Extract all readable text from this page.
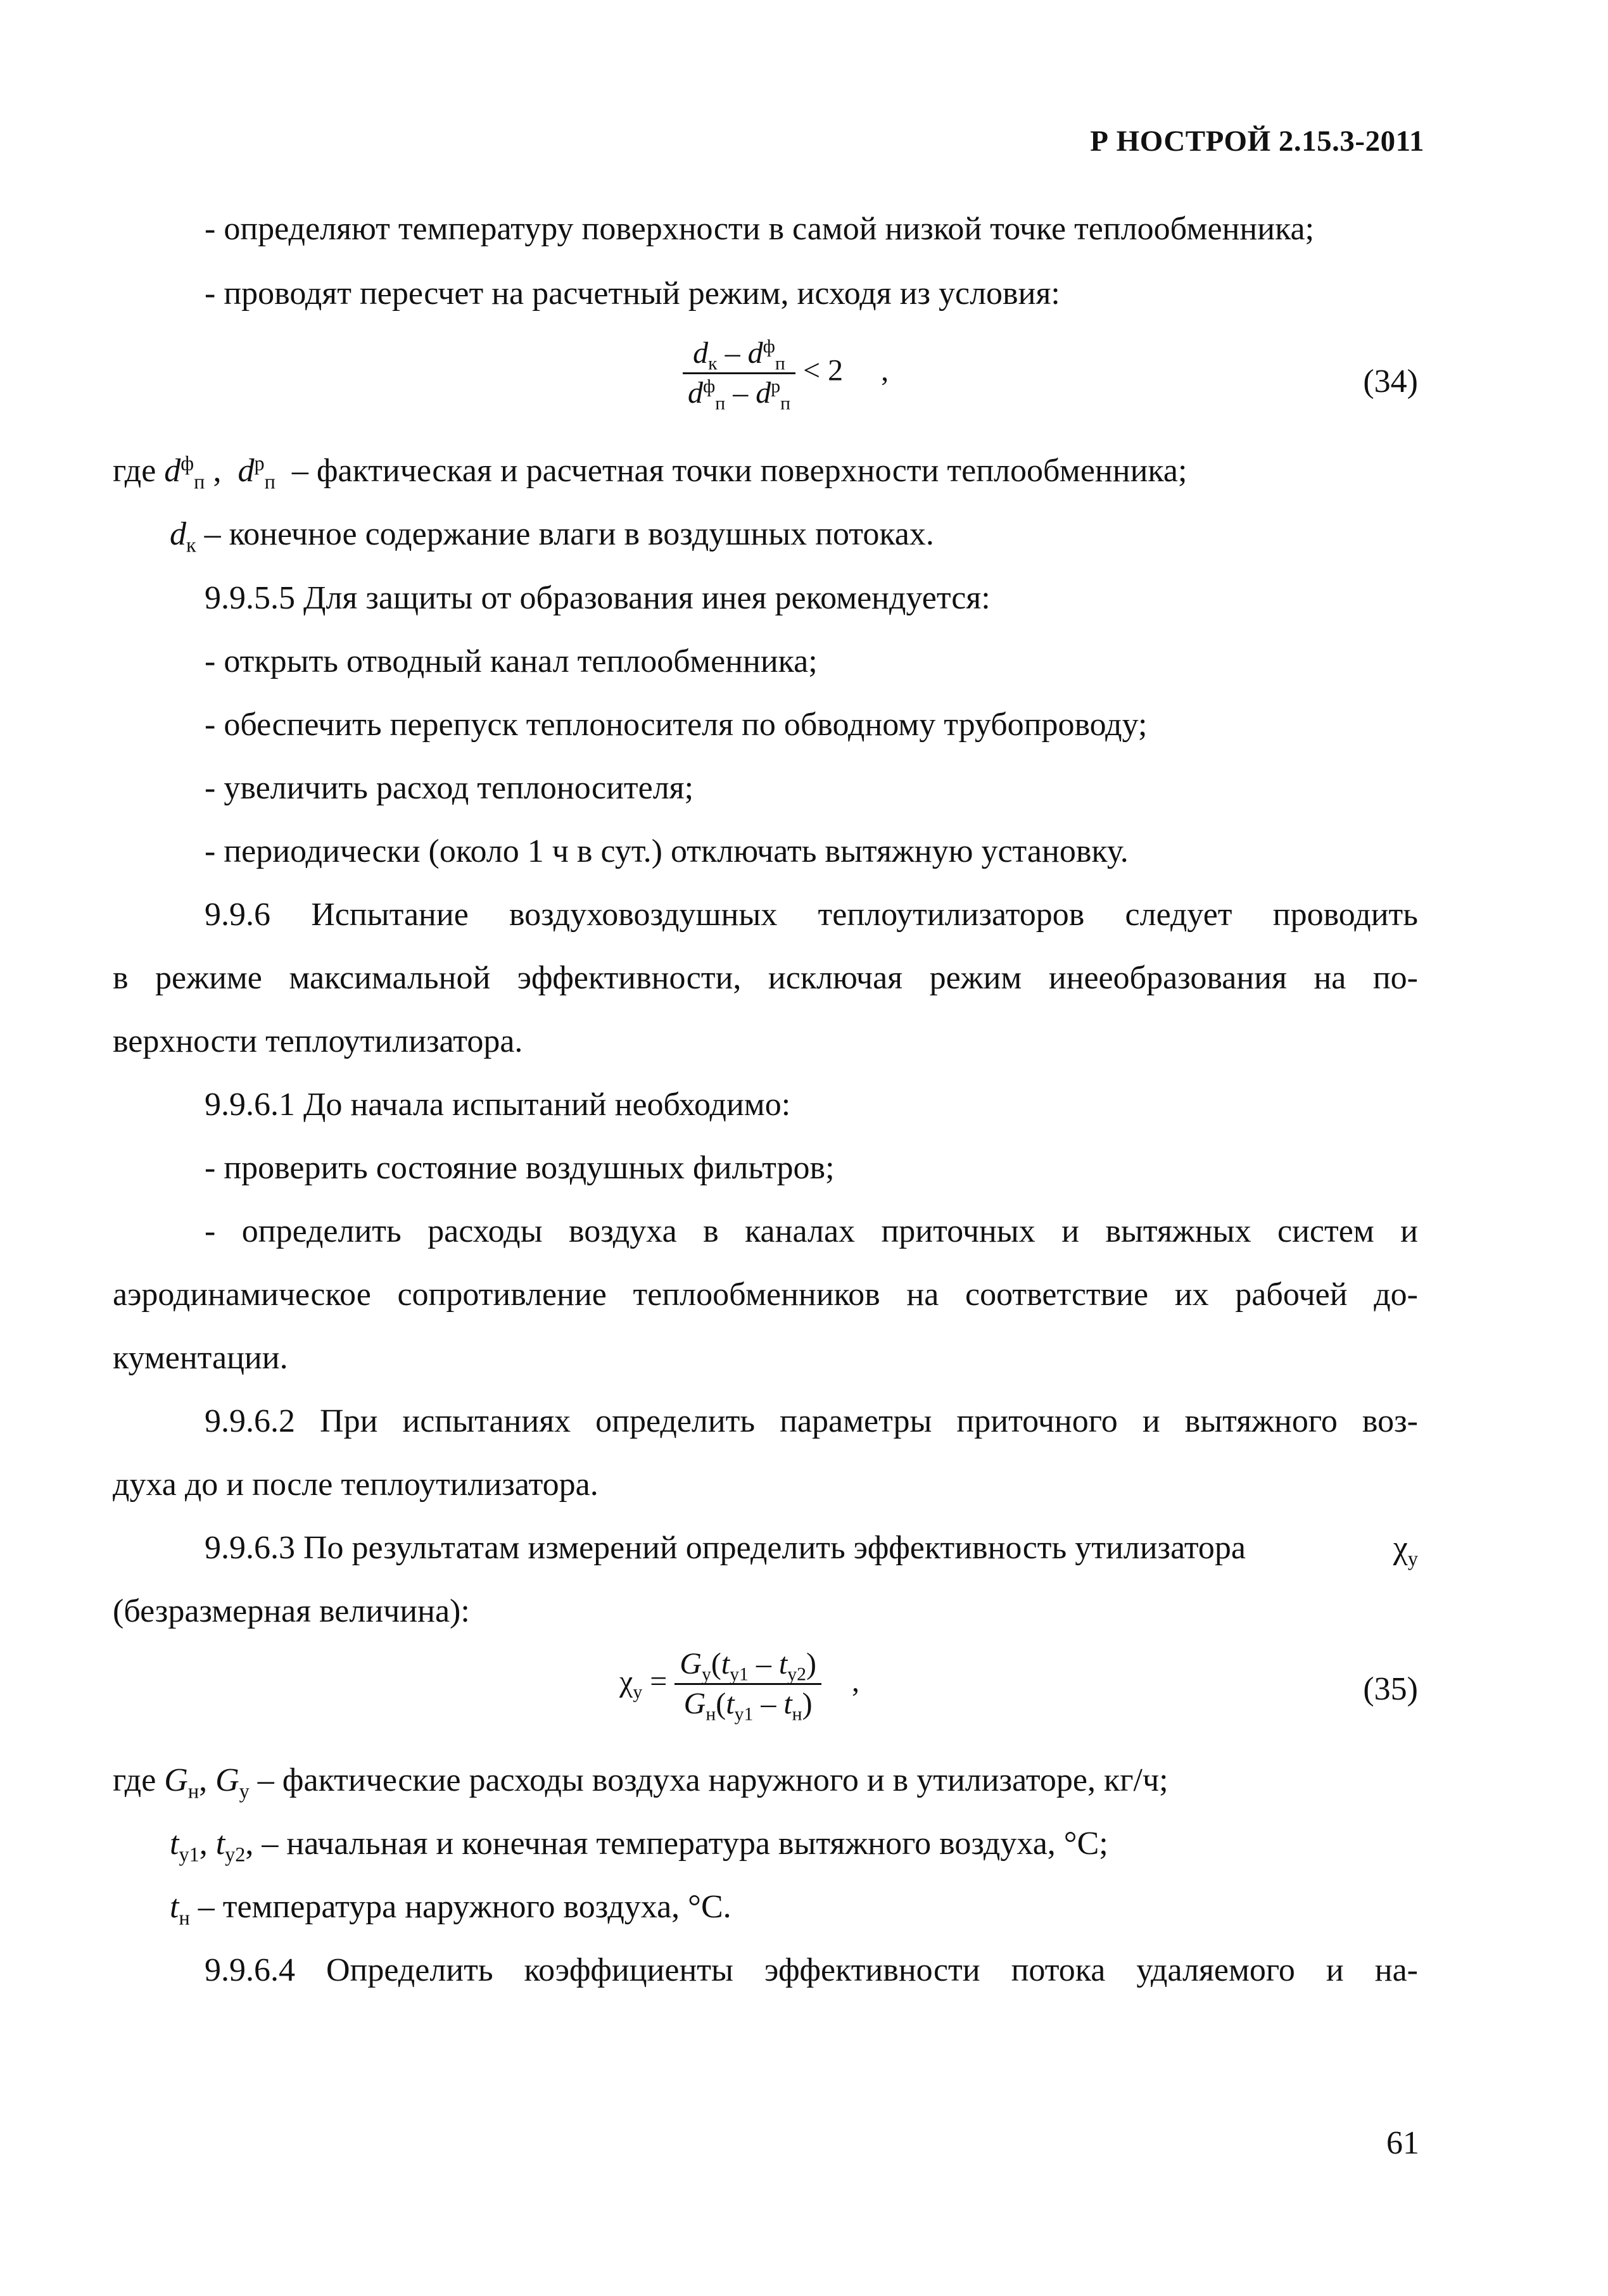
Р НОСТРОЙ 2.15.3-2011
- определяют температуру поверхности в самой низкой точке теплообменника;
- проводят пересчет на расчетный режим, исходя из условия:
$\frac{d_к - d^ф_п}{d^ф_п - d^р_п} < 2$ ,	(34)
где $d^ф_п$ ,  $d^р_п$ – фактическая и расчетная точки поверхности теплообменника;
$d_к$ – конечное содержание влаги в воздушных потоках.
9.9.5.5 Для защиты от образования инея рекомендуется:
- открыть отводный канал теплообменника;
- обеспечить перепуск теплоносителя по обводному трубопроводу;
- увеличить расход теплоносителя;
- периодически (около 1 ч в сут.) отключать вытяжную установку.
9.9.6 Испытание воздуховоздушных теплоутилизаторов следует проводить
в режиме максимальной эффективности, исключая режим инееобразования на по-
верхности теплоутилизатора.
9.9.6.1 До начала испытаний необходимо:
- проверить состояние воздушных фильтров;
- определить расходы воздуха в каналах приточных и вытяжных систем и
аэродинамическое сопротивление теплообменников на соответствие их рабочей до-
кументации.
9.9.6.2 При испытаниях определить параметры приточного и вытяжного воз-
духа до и после теплоутилизатора.
9.9.6.3 По результатам измерений определить эффективность утилизатора	$\chi_у$
(безразмерная величина):
$\chi_у = \frac{G_у(t_{у1} - t_{у2})}{G_н(t_{у1} - t_н)}$ ,	(35)
где $G_н$, $G_у$ – фактические расходы воздуха наружного и в утилизаторе, кг/ч;
$t_{у1}$, $t_{у2}$, – начальная и конечная температура вытяжного воздуха, °С;
$t_н$ – температура наружного воздуха, °С.
9.9.6.4 Определить коэффициенты эффективности потока удаляемого и на-
61
